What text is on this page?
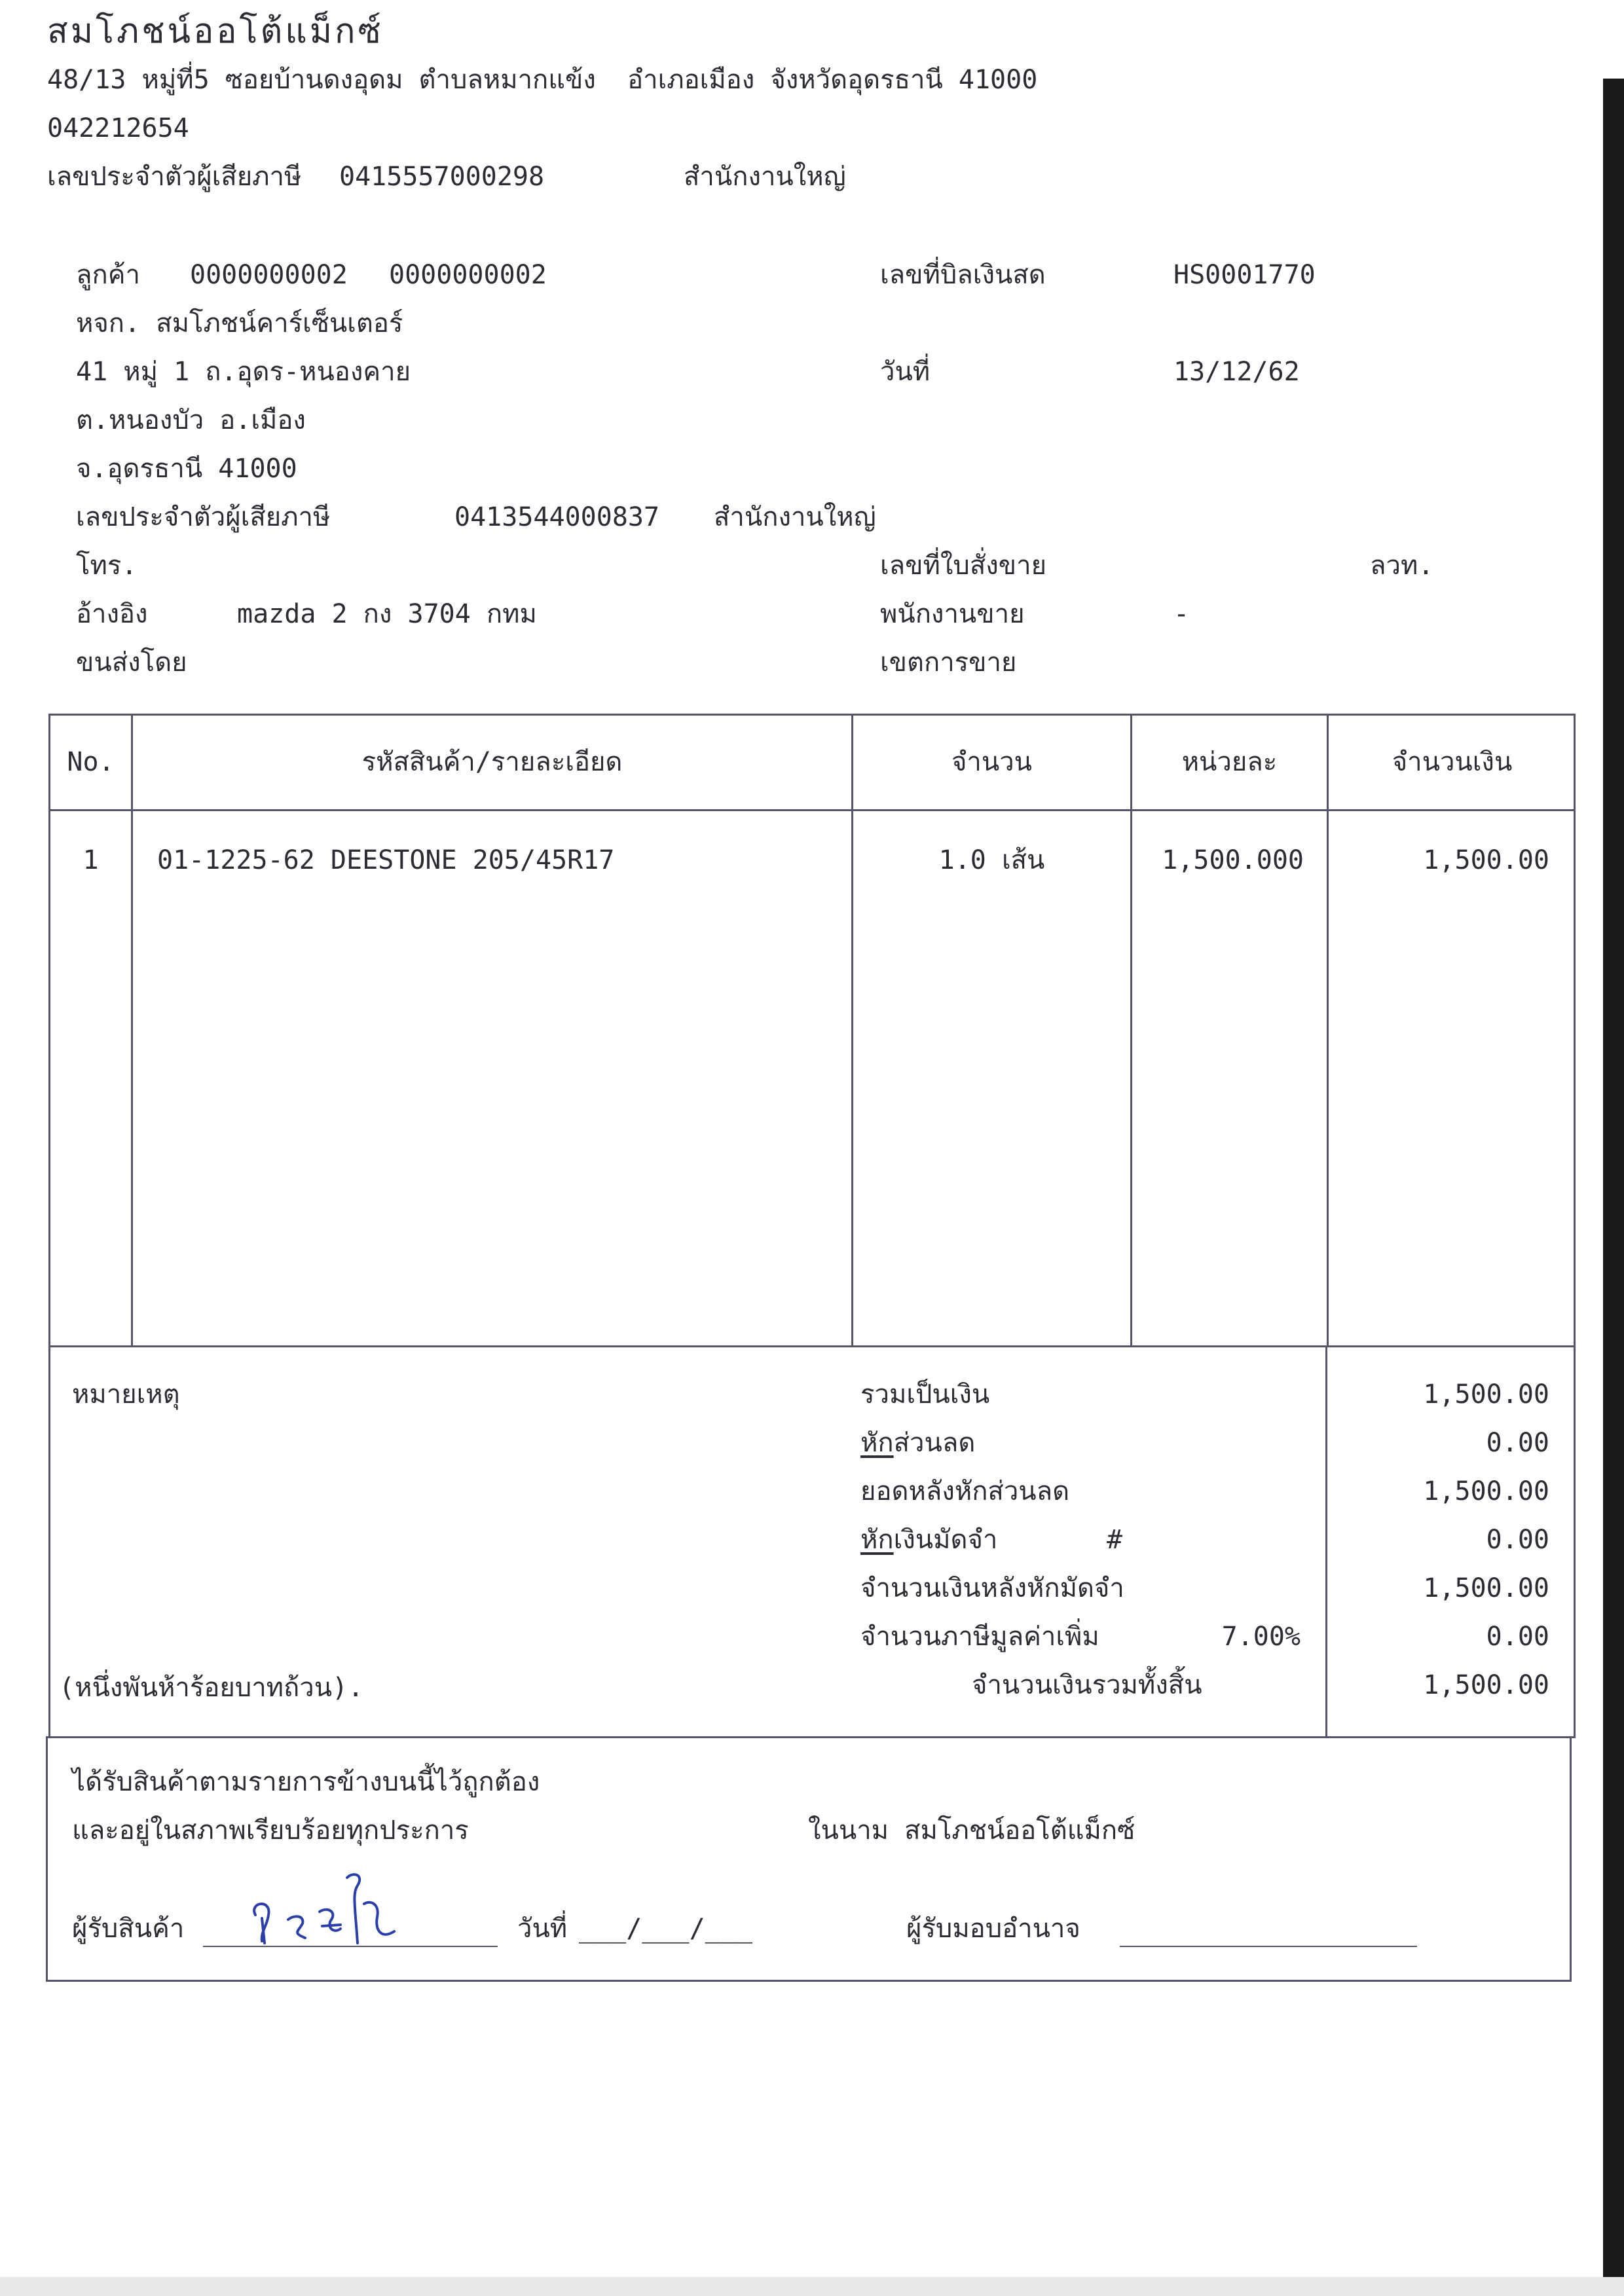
สมโภชน์ออโต้แม็กซ์
48/13 หมู่ที่5 ซอยบ้านดงอุดม ตำบลหมากแข้ง  อำเภอเมือง จังหวัดอุดรธานี 41000
042212654
เลขประจำตัวผู้เสียภาษี 0415557000298	สำนักงานใหญ่
ลูกค้า 0000000002 0000000002
หจก. สมโภชน์คาร์เซ็นเตอร์
41 หมู่ 1 ถ.อุดร-หนองคาย
ต.หนองบัว อ.เมือง
จ.อุดรธานี 41000
เลขประจำตัวผู้เสียภาษี	0413544000837 สำนักงานใหญ่
โทร.
อ้างอิง	mazda 2 กง 3704 กทม
ขนส่งโดย
เลขที่บิลเงินสด	HS0001770
วันที่	13/12/62
เลขที่ใบสั่งขาย	ลวท.
พนักงานขาย	-
เขตการขาย
No.	รหัสสินค้า/รายละเอียด	จำนวน	หน่วยละ	จำนวนเงิน
1	01-1225-62 DEESTONE 205/45R17	1.0 เส้น	1,500.000	1,500.00
หมายเหตุ
(หนึ่งพันห้าร้อยบาทถ้วน).
รวมเป็นเงิน	1,500.00
หักส่วนลด	0.00
ยอดหลังหักส่วนลด	1,500.00
หักเงินมัดจำ	#	0.00
จำนวนเงินหลังหักมัดจำ	1,500.00
จำนวนภาษีมูลค่าเพิ่ม	7.00%	0.00
จำนวนเงินรวมทั้งสิ้น	1,500.00
ได้รับสินค้าตามรายการข้างบนนี้ไว้ถูกต้อง
และอยู่ในสภาพเรียบร้อยทุกประการ	ในนาม สมโภชน์ออโต้แม็กซ์
ผู้รับสินค้า	วันที่ ___/___/___	ผู้รับมอบอำนาจ
